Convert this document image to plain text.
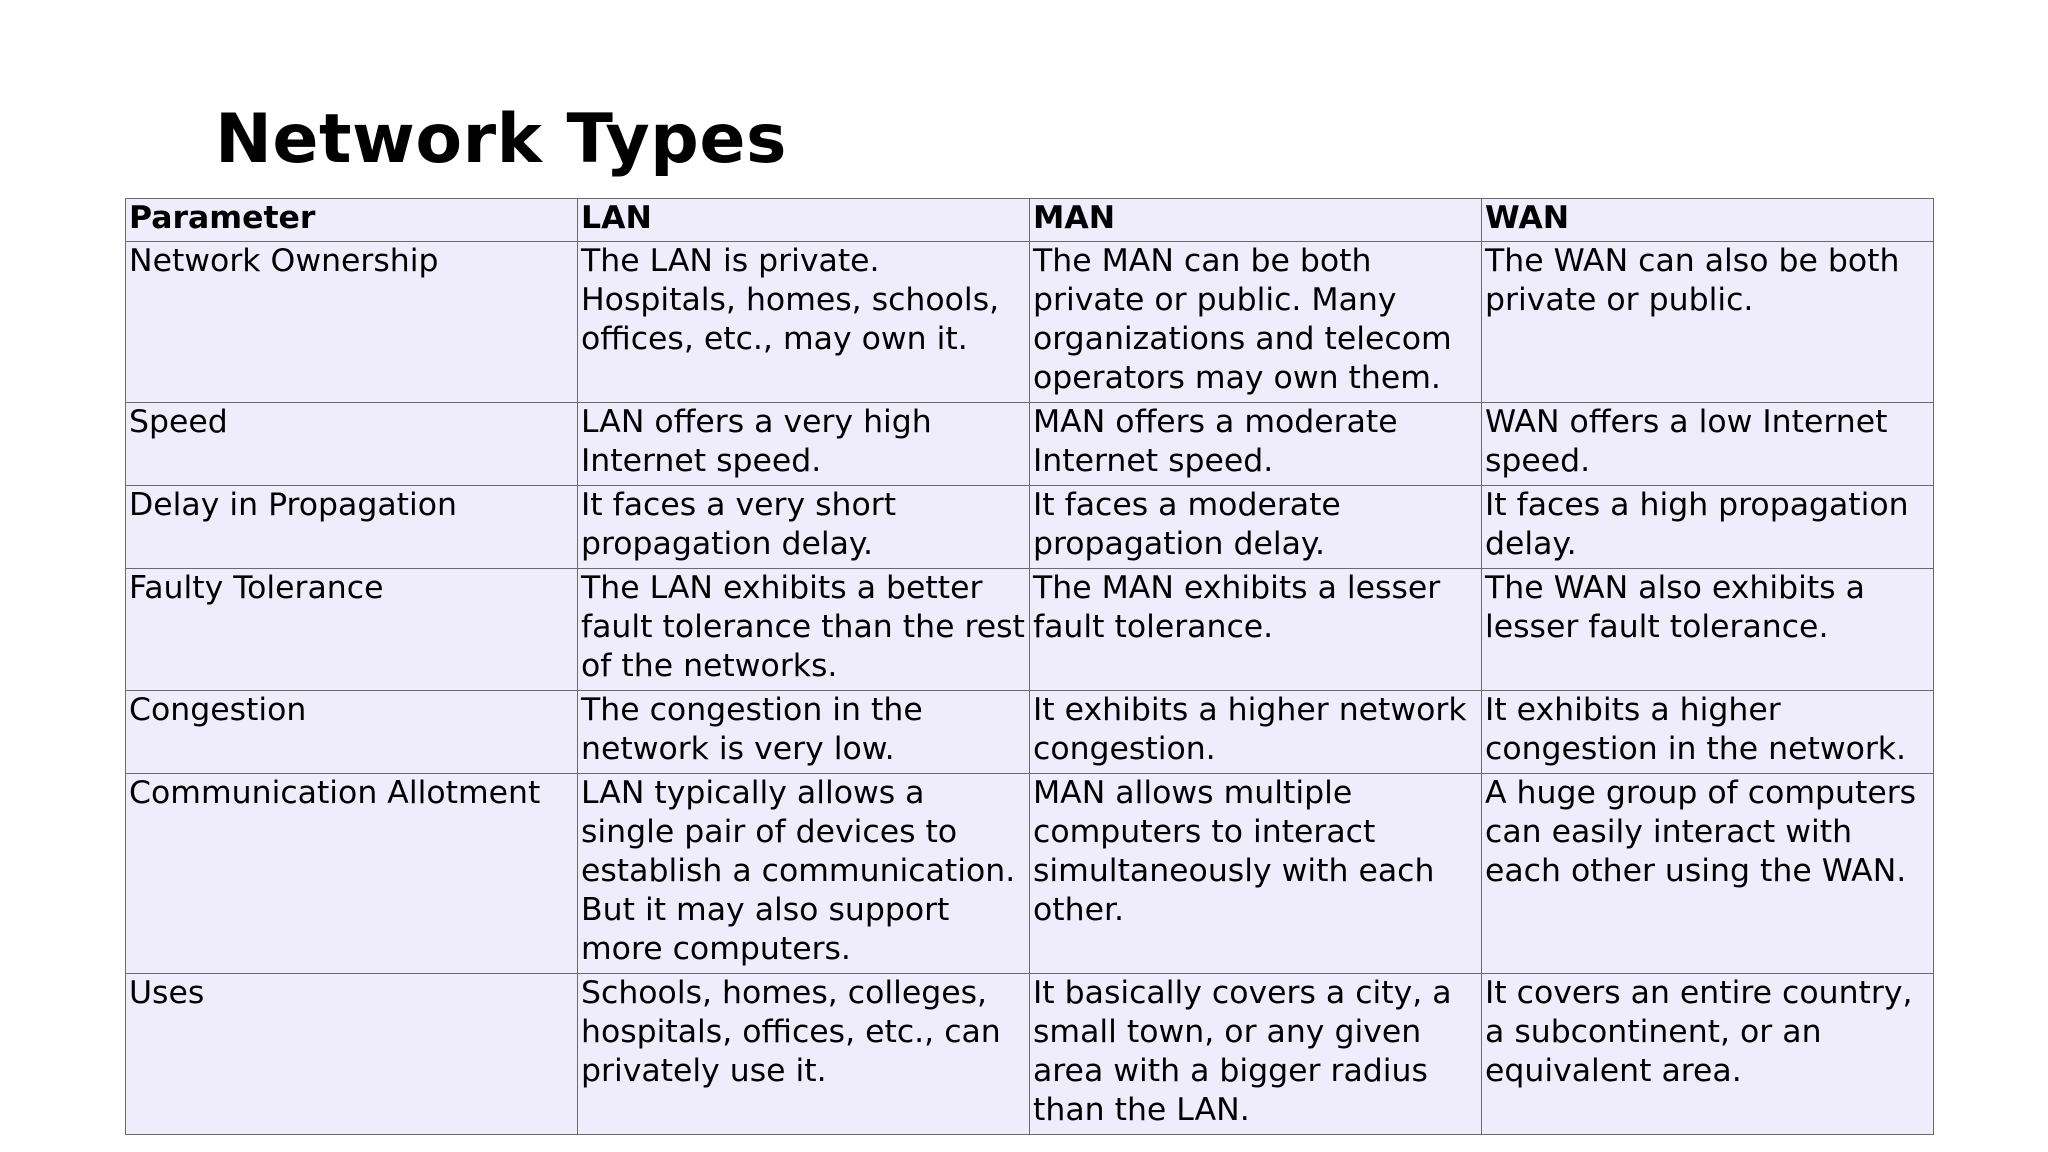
Network Types
Parameter	LAN	MAN	WAN
Network Ownership	The LAN is private. Hospitals, homes, schools, offices, etc., may own it.	The MAN can be both private or public. Many organizations and telecom operators may own them.	The WAN can also be both private or public.
Speed	LAN offers a very high Internet speed.	MAN offers a moderate Internet speed.	WAN offers a low Internet speed.
Delay in Propagation	It faces a very short propagation delay.	It faces a moderate propagation delay.	It faces a high propagation delay.
Faulty Tolerance	The LAN exhibits a better fault tolerance than the rest of the networks.	The MAN exhibits a lesser fault tolerance.	The WAN also exhibits a lesser fault tolerance.
Congestion	The congestion in the network is very low.	It exhibits a higher network congestion.	It exhibits a higher congestion in the network.
Communication Allotment	LAN typically allows a single pair of devices to establish a communication. But it may also support more computers.	MAN allows multiple computers to interact simultaneously with each other.	A huge group of computers can easily interact with each other using the WAN.
Uses	Schools, homes, colleges, hospitals, offices, etc., can privately use it.	It basically covers a city, a small town, or any given area with a bigger radius than the LAN.	It covers an entire country, a subcontinent, or an equivalent area.
